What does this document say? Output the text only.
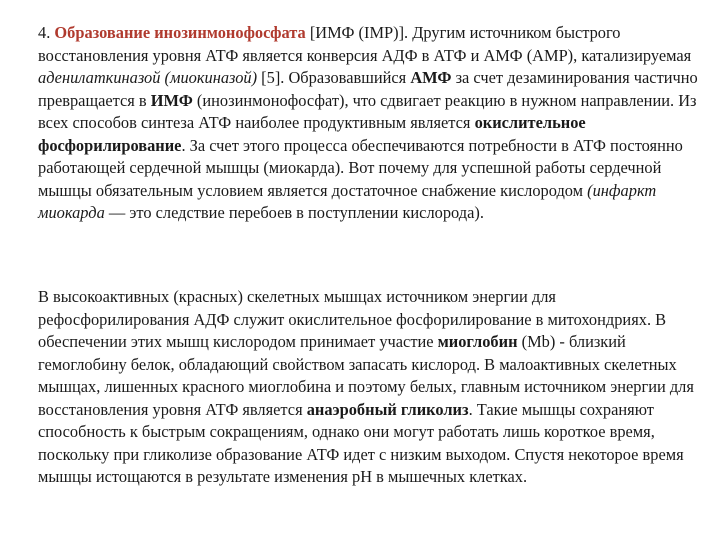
4. Образование инозинмонофосфата [ИМФ (IMP)]. Другим источником быстрого восстановления уровня АТФ является конверсия АДФ в АТФ и АМФ (AMP), катализируемая аденилаткиназой (миокиназой) [5]. Образовавшийся АМФ за счет дезаминирования частично превращается в ИМФ (инозинмонофосфат), что сдвигает реакцию в нужном направлении. Из всех способов синтеза АТФ наиболее продуктивным является окислительное фосфорилирование. За счет этого процесса обеспечиваются потребности в АТФ постоянно работающей сердечной мышцы (миокарда). Вот почему для успешной работы сердечной мышцы обязательным условием является достаточное снабжение кислородом (инфаркт миокарда — это следствие перебоев в поступлении кислорода).

В высокоактивных (красных) скелетных мышцах источником энергии для рефосфорилирования АДФ служит окислительное фосфорилирование в митохондриях. В обеспечении этих мышц кислородом принимает участие миоглобин (Mb) - близкий гемоглобину белок, обладающий свойством запасать кислород. В малоактивных скелетных мышцах, лишенных красного миоглобина и поэтому белых, главным источником энергии для восстановления уровня АТФ является анаэробный гликолиз. Такие мышцы сохраняют способность к быстрым сокращениям, однако они могут работать лишь короткое время, поскольку при гликолизе образование АТФ идет с низким выходом. Спустя некоторое время мышцы истощаются в результате изменения pH в мышечных клетках.
